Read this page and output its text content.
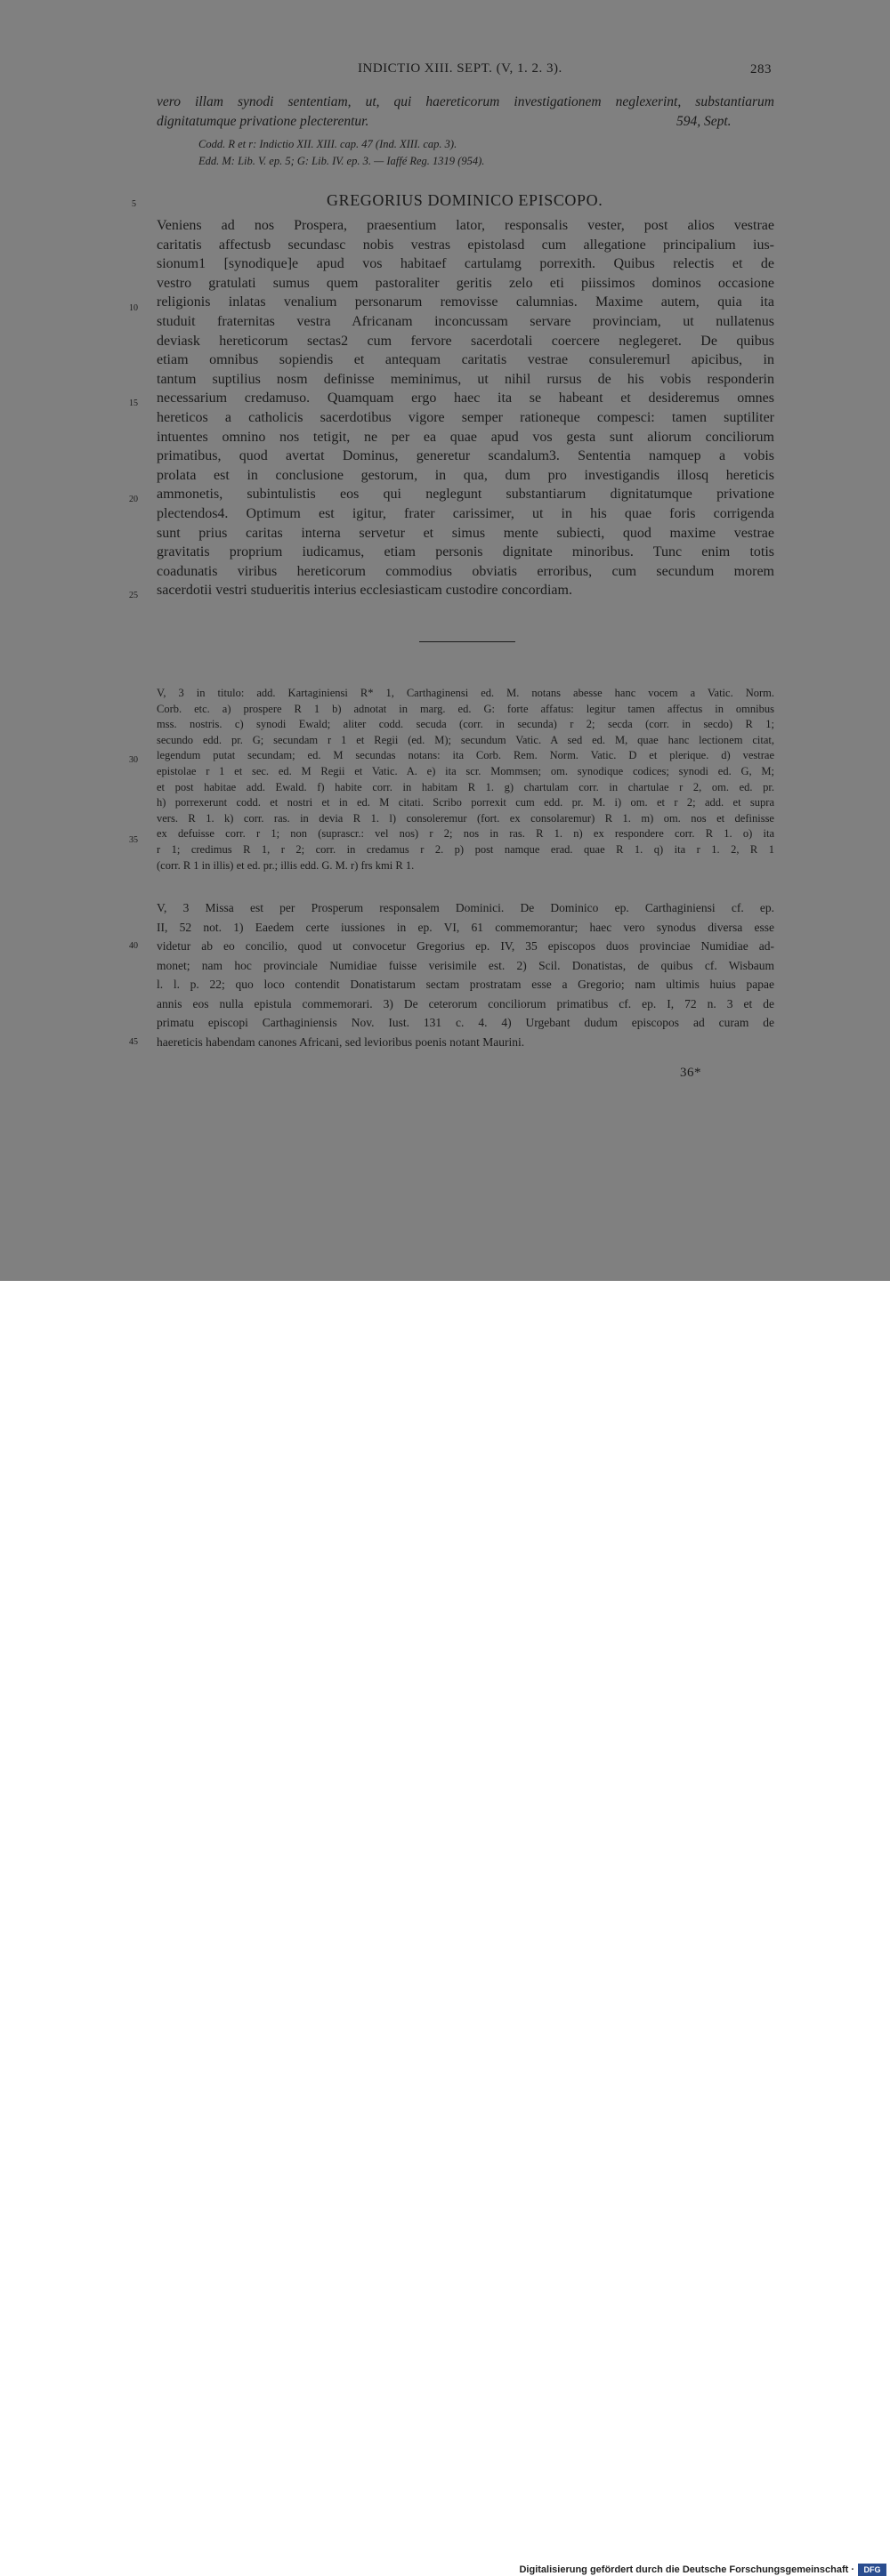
INDICTIO XIII. SEPT. (V, 1. 2. 3).	283
vero illam synodi sententiam, ut, qui haereticorum investigationem neglexerint, substantiarum
dignitatumque privatione plecterentur.	594, Sept.
Codd. R et r: Indictio XII. XIII. cap. 47 (Ind. XIII. cap. 3).
Edd. M: Lib. V. ep. 5; G: Lib. IV. ep. 3. — Iaffé Reg. 1319 (954).
GREGORIUS DOMINICO EPISCOPO.
Veniens ad nos Prospera, praesentium lator, responsalis vester, post alios vestrae
caritatis affectusb secundasc nobis vestras epistolasd cum allegatione principalium ius-
sionum1 [synodique]e apud vos habitaef cartulamg porrexith. Quibus relectis et de
vestro gratulati sumus quem pastoraliter geritis zelo eti piissimos dominos occasione
religionis inlatas venalium personarum removisse calumnias. Maxime autem, quia ita
studuit fraternitas vestra Africanam inconcussam servare provinciam, ut nullatenus
deviask hereticorum sectas2 cum fervore sacerdotali coercere neglegeret. De quibus
etiam omnibus sopiendis et antequam caritatis vestrae consuleremurl apicibus, in
tantum suptilius nosm definisse meminimus, ut nihil rursus de his vobis responderin
necessarium credamuso. Quamquam ergo haec ita se habeant et desideremus omnes
hereticos a catholicis sacerdotibus vigore semper rationeque compesci: tamen suptiliter
intuentes omnino nos tetigit, ne per ea quae apud vos gesta sunt aliorum conciliorum
primatibus, quod avertat Dominus, generetur scandalum3. Sententia namquep a vobis
prolata est in conclusione gestorum, in qua, dum pro investigandis illosq hereticis
ammonetis, subintulistis eos qui neglegunt substantiarum dignitatumque privatione
plectendos4. Optimum est igitur, frater carissimer, ut in his quae foris corrigenda
sunt prius caritas interna servetur et simus mente subiecti, quod maxime vestrae
gravitatis proprium iudicamus, etiam personis dignitate minoribus. Tunc enim totis
coadunatis viribus hereticorum commodius obviatis erroribus, cum secundum morem
sacerdotii vestri studueritis interius ecclesiasticam custodire concordiam.
V, 3 in titulo: add. Kartaginiensi R* 1, Carthaginensi ed. M. notans abesse hanc vocem a Vatic. Norm.
Corb. etc. a) prospere R 1 b) adnotat in marg. ed. G: forte affatus: legitur tamen affectus in omnibus
mss. nostris. c) synodi Ewald; aliter codd. secuda (corr. in secunda) r 2; secda (corr. in secdo) R 1;
secundo edd. pr. G; secundam r 1 et Regii (ed. M); secundum Vatic. A sed ed. M, quae hanc lectionem citat,
legendum putat secundam; ed. M secundas notans: ita Corb. Rem. Norm. Vatic. D et plerique. d) vestrae
epistolae r 1 et sec. ed. M Regii et Vatic. A. e) ita scr. Mommsen; om. synodique codices; synodi ed. G, M;
et post habitae add. Ewald. f) habite corr. in habitam R 1. g) chartulam corr. in chartulae r 2, om. ed. pr.
h) porrexerunt codd. et nostri et in ed. M citati. Scribo porrexit cum edd. pr. M. i) om. et r 2; add. et supra
vers. R 1. k) corr. ras. in devia R 1. l) consoleremur (fort. ex consolaremur) R 1. m) om. nos et definisse
ex defuisse corr. r 1; non (suprascr.: vel nos) r 2; nos in ras. R 1. n) ex respondere corr. R 1. o) ita
r 1; credimus R 1, r 2; corr. in credamus r 2. p) post namque erad. quae R 1. q) ita r 1. 2, R 1
(corr. R 1 in illis) et ed. pr.; illis edd. G. M. r) frs kmi R 1.
V, 3 Missa est per Prosperum responsalem Dominici. De Dominico ep. Carthaginiensi cf. ep.
II, 52 not. 1) Eaedem certe iussiones in ep. VI, 61 commemorantur; haec vero synodus diversa esse
videtur ab eo concilio, quod ut convocetur Gregorius ep. IV, 35 episcopos duos provinciae Numidiae ad-
monet; nam hoc provinciale Numidiae fuisse verisimile est. 2) Scil. Donatistas, de quibus cf. Wisbaum
l. l. p. 22; quo loco contendit Donatistarum sectam prostratam esse a Gregorio; nam ultimis huius papae
annis eos nulla epistula commemorari. 3) De ceterorum conciliorum primatibus cf. ep. I, 72 n. 3 et de
primatu episcopi Carthaginiensis Nov. Iust. 131 c. 4. 4) Urgebant dudum episcopos ad curam de
haereticis habendam canones Africani, sed levioribus poenis notant Maurini.
36*
5
10
15
20
25
30
35
40
45
Digitalisierung gefördert durch die Deutsche Forschungsgemeinschaft ·	DFG
